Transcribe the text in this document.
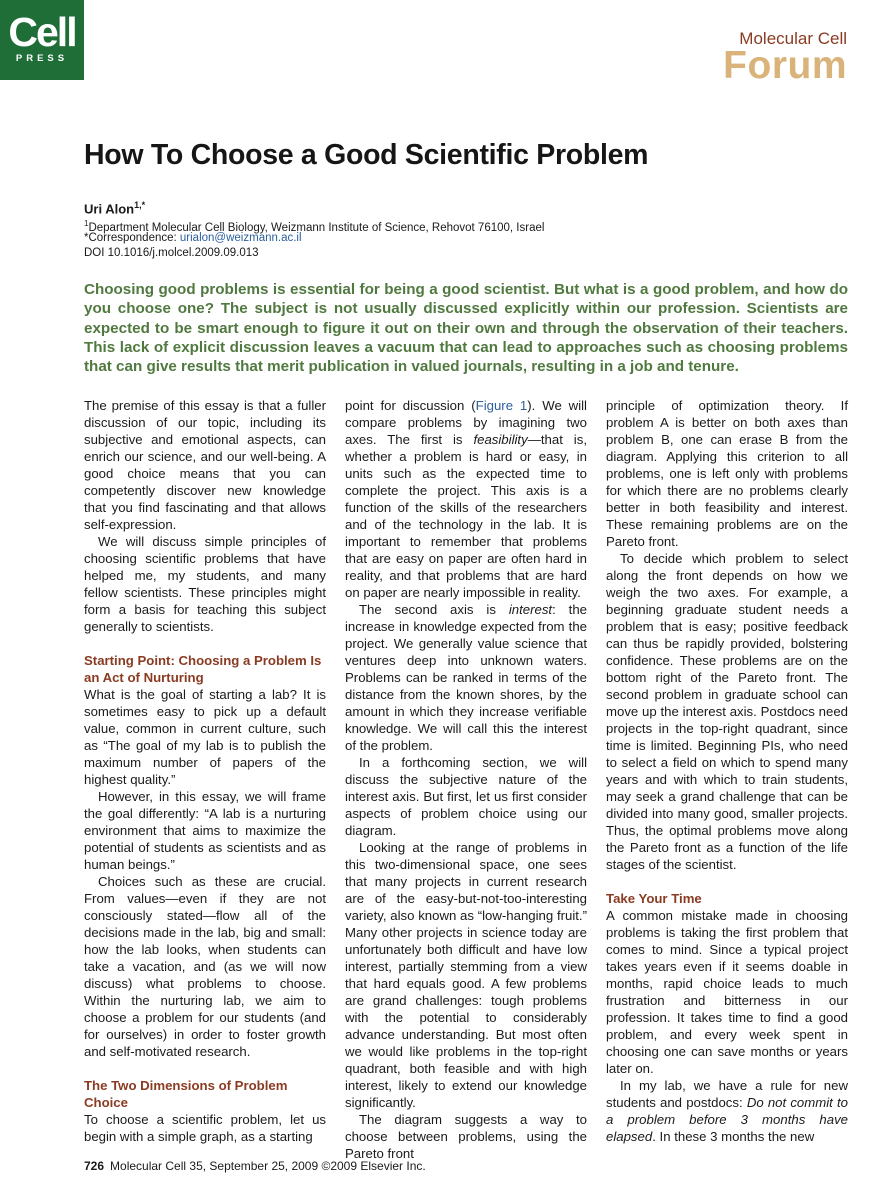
Cell
PRESS
Molecular Cell
Forum
How To Choose a Good Scientific Problem
Uri Alon$^{1,*}$
$^1$Department Molecular Cell Biology, Weizmann Institute of Science, Rehovot 76100, Israel
*Correspondence: urialon@weizmann.ac.il
DOI 10.1016/j.molcel.2009.09.013

Choosing good problems is essential for being a good scientist. But what is a good problem, and how do you choose one? The subject is not usually discussed explicitly within our profession. Scientists are expected to be smart enough to figure it out on their own and through the observation of their teachers. This lack of explicit discussion leaves a vacuum that can lead to approaches such as choosing problems that can give results that merit publication in valued journals, resulting in a job and tenure.

The premise of this essay is that a fuller discussion of our topic, including its subjective and emotional aspects, can enrich our science, and our well-being. A good choice means that you can competently discover new knowledge that you find fascinating and that allows self-expression.

We will discuss simple principles of choosing scientific problems that have helped me, my students, and many fellow scientists. These principles might form a basis for teaching this subject generally to scientists.

Starting Point: Choosing a Problem Is an Act of Nurturing

What is the goal of starting a lab? It is sometimes easy to pick up a default value, common in current culture, such as “The goal of my lab is to publish the maximum number of papers of the highest quality.”

However, in this essay, we will frame the goal differently: “A lab is a nurturing environment that aims to maximize the potential of students as scientists and as human beings.”

Choices such as these are crucial. From values—even if they are not consciously stated—flow all of the decisions made in the lab, big and small: how the lab looks, when students can take a vacation, and (as we will now discuss) what problems to choose. Within the nurturing lab, we aim to choose a problem for our students (and for ourselves) in order to foster growth and self-motivated research.

The Two Dimensions of Problem Choice

To choose a scientific problem, let us begin with a simple graph, as a starting

point for discussion (Figure 1). We will compare problems by imagining two axes. The first is feasibility—that is, whether a problem is hard or easy, in units such as the expected time to complete the project. This axis is a function of the skills of the researchers and of the technology in the lab. It is important to remember that problems that are easy on paper are often hard in reality, and that problems that are hard on paper are nearly impossible in reality.

The second axis is interest: the increase in knowledge expected from the project. We generally value science that ventures deep into unknown waters. Problems can be ranked in terms of the distance from the known shores, by the amount in which they increase verifiable knowledge. We will call this the interest of the problem.

In a forthcoming section, we will discuss the subjective nature of the interest axis. But first, let us first consider aspects of problem choice using our diagram.

Looking at the range of problems in this two-dimensional space, one sees that many projects in current research are of the easy-but-not-too-interesting variety, also known as “low-hanging fruit.” Many other projects in science today are unfortunately both difficult and have low interest, partially stemming from a view that hard equals good. A few problems are grand challenges: tough problems with the potential to considerably advance understanding. But most often we would like problems in the top-right quadrant, both feasible and with high interest, likely to extend our knowledge significantly.

The diagram suggests a way to choose between problems, using the Pareto front

principle of optimization theory. If problem A is better on both axes than problem B, one can erase B from the diagram. Applying this criterion to all problems, one is left only with problems for which there are no problems clearly better in both feasibility and interest. These remaining problems are on the Pareto front.

To decide which problem to select along the front depends on how we weigh the two axes. For example, a beginning graduate student needs a problem that is easy; positive feedback can thus be rapidly provided, bolstering confidence. These problems are on the bottom right of the Pareto front. The second problem in graduate school can move up the interest axis. Postdocs need projects in the top-right quadrant, since time is limited. Beginning PIs, who need to select a field on which to spend many years and with which to train students, may seek a grand challenge that can be divided into many good, smaller projects. Thus, the optimal problems move along the Pareto front as a function of the life stages of the scientist.

Take Your Time

A common mistake made in choosing problems is taking the first problem that comes to mind. Since a typical project takes years even if it seems doable in months, rapid choice leads to much frustration and bitterness in our profession. It takes time to find a good problem, and every week spent in choosing one can save months or years later on.

In my lab, we have a rule for new students and postdocs: Do not commit to a problem before 3 months have elapsed. In these 3 months the new

726 Molecular Cell 35, September 25, 2009 ©2009 Elsevier Inc.
